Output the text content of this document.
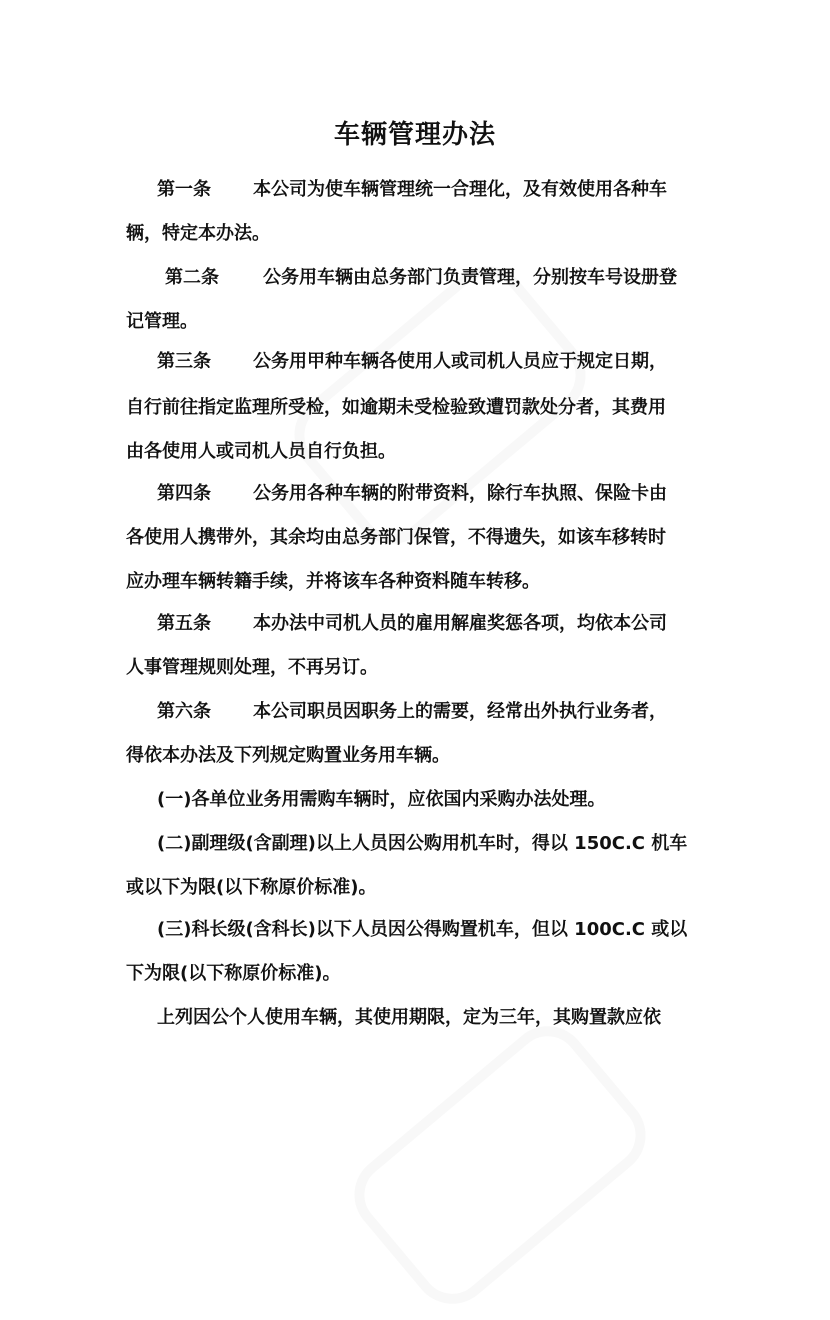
车辆管理办法
第一条 本公司为使车辆管理统一合理化，及有效使用各种车
辆，特定本办法。
第二条 公务用车辆由总务部门负责管理，分别按车号设册登
记管理。
第三条 公务用甲种车辆各使用人或司机人员应于规定日期，
自行前往指定监理所受检，如逾期未受检验致遭罚款处分者，其费用
由各使用人或司机人员自行负担。
第四条 公务用各种车辆的附带资料，除行车执照、保险卡由
各使用人携带外，其余均由总务部门保管，不得遗失，如该车移转时
应办理车辆转籍手续，并将该车各种资料随车转移。
第五条 本办法中司机人员的雇用解雇奖惩各项，均依本公司
人事管理规则处理，不再另订。
第六条 本公司职员因职务上的需要，经常出外执行业务者，
得依本办法及下列规定购置业务用车辆。
(一)各单位业务用需购车辆时，应依国内采购办法处理。
(二)副理级(含副理)以上人员因公购用机车时，得以 150C.C 机车
或以下为限(以下称原价标准)。
(三)科长级(含科长)以下人员因公得购置机车，但以 100C.C 或以
下为限(以下称原价标准)。
上列因公个人使用车辆，其使用期限，定为三年，其购置款应依
